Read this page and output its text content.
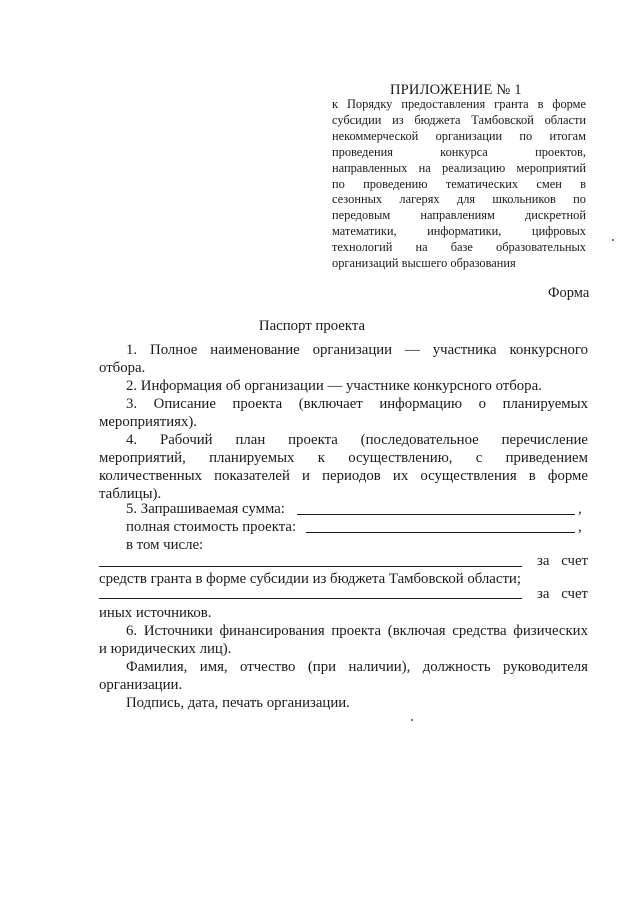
ПРИЛОЖЕНИЕ № 1
к Порядку предоставления гранта в форме
субсидии из бюджета Тамбовской области
некоммерческой организации по итогам
проведения конкурса проектов,
направленных на реализацию мероприятий
по проведению тематических смен в
сезонных лагерях для школьников по
передовым направлениям дискретной
математики, информатики, цифровых
технологий на базе образовательных
организаций высшего образования
Форма
Паспорт проекта
1. Полное наименование организации — участника конкурсного
отбора.
2. Информация об организации — участнике конкурсного отбора.
3. Описание проекта (включает информацию о планируемых
мероприятиях).
4. Рабочий план проекта (последовательное перечисление
мероприятий, планируемых к осуществлению, с приведением
количественных показателей и периодов их осуществления в форме
таблицы).
5. Запрашиваемая сумма:	,
полная стоимость проекта:	,
в том числе:
за счет
средств гранта в форме субсидии из бюджета Тамбовской области;
за счет
иных источников.
6. Источники финансирования проекта (включая средства физических
и юридических лиц).
Фамилия, имя, отчество (при наличии), должность руководителя
организации.
Подпись, дата, печать организации.
